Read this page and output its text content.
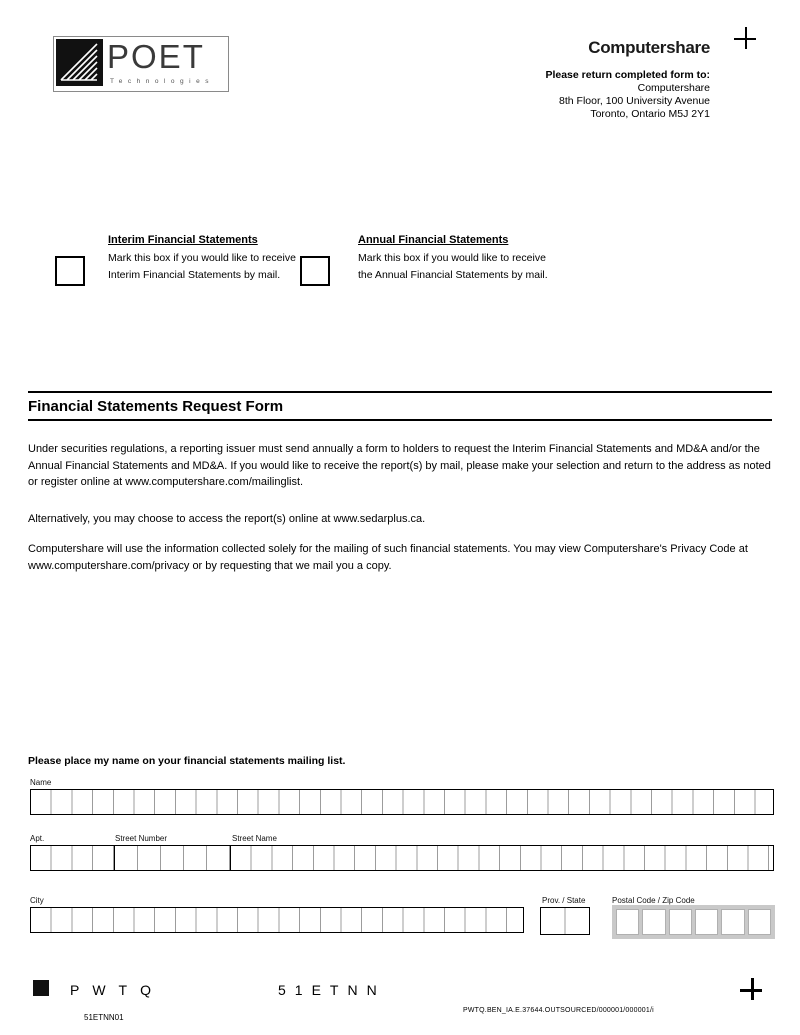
POET
Technologies
Computershare
Please return completed form to:
Computershare
8th Floor, 100 University Avenue
Toronto, Ontario M5J 2Y1
Interim Financial Statements
Mark this box if you would like to receive Interim Financial Statements by mail.
Annual Financial Statements
Mark this box if you would like to receive the Annual Financial Statements by mail.
Financial Statements Request Form
Under securities regulations, a reporting issuer must send annually a form to holders to request the Interim Financial Statements and MD&A and/or the Annual Financial Statements and MD&A. If you would like to receive the report(s) by mail, please make your selection and return to the address as noted or register online at www.computershare.com/mailinglist.
Alternatively, you may choose to access the report(s) online at www.sedarplus.ca.
Computershare will use the information collected solely for the mailing of such financial statements. You may view Computershare's Privacy Code at www.computershare.com/privacy or by requesting that we mail you a copy.
Please place my name on your financial statements mailing list.
Name
Apt.	Street Number	Street Name
City	Prov. / State	Postal Code / Zip Code
PWTQ	51ETNN
51ETNN01
PWTQ.BEN_IA.E.37644.OUTSOURCED/000001/000001/i
